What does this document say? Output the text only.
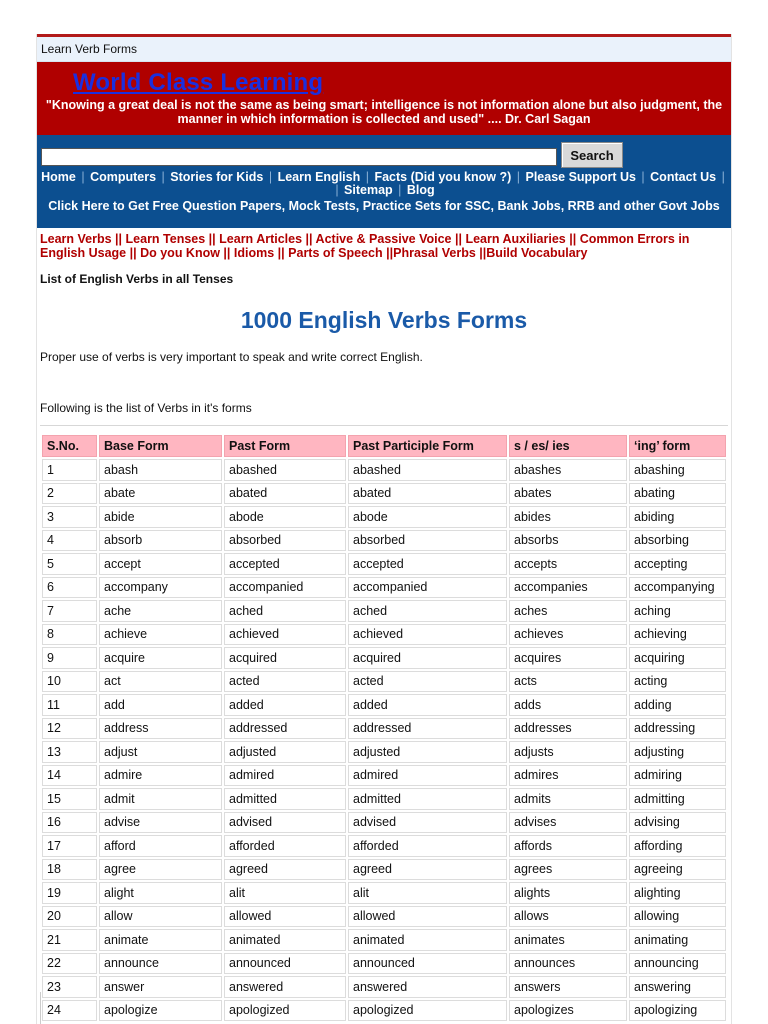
Learn Verb Forms
World Class Learning
"Knowing a great deal is not the same as being smart; intelligence is not information alone but also judgment, the manner in which information is collected and used" .... Dr. Carl Sagan
Search
Home | Computers | Stories for Kids | Learn English | Facts (Did you know ?) | Please Support Us | Contact Us | | Sitemap | Blog
Click Here to Get Free Question Papers, Mock Tests, Practice Sets for SSC, Bank Jobs, RRB and other Govt Jobs
Learn Verbs || Learn Tenses || Learn Articles || Active & Passive Voice || Learn Auxiliaries || Common Errors in English Usage || Do you Know || Idioms || Parts of Speech ||Phrasal Verbs ||Build Vocabulary
List of English Verbs in all Tenses
1000 English Verbs Forms
Proper use of verbs is very important to speak and write correct English.
Following is the list of Verbs in it's forms
S.No.	Base Form	Past Form	Past Participle Form	s / es/ ies	‘ing’ form
1	abash	abashed	abashed	abashes	abashing
2	abate	abated	abated	abates	abating
3	abide	abode	abode	abides	abiding
4	absorb	absorbed	absorbed	absorbs	absorbing
5	accept	accepted	accepted	accepts	accepting
6	accompany	accompanied	accompanied	accompanies	accompanying
7	ache	ached	ached	aches	aching
8	achieve	achieved	achieved	achieves	achieving
9	acquire	acquired	acquired	acquires	acquiring
10	act	acted	acted	acts	acting
11	add	added	added	adds	adding
12	address	addressed	addressed	addresses	addressing
13	adjust	adjusted	adjusted	adjusts	adjusting
14	admire	admired	admired	admires	admiring
15	admit	admitted	admitted	admits	admitting
16	advise	advised	advised	advises	advising
17	afford	afforded	afforded	affords	affording
18	agree	agreed	agreed	agrees	agreeing
19	alight	alit	alit	alights	alighting
20	allow	allowed	allowed	allows	allowing
21	animate	animated	animated	animates	animating
22	announce	announced	announced	announces	announcing
23	answer	answered	answered	answers	answering
24	apologize	apologized	apologized	apologizes	apologizing
